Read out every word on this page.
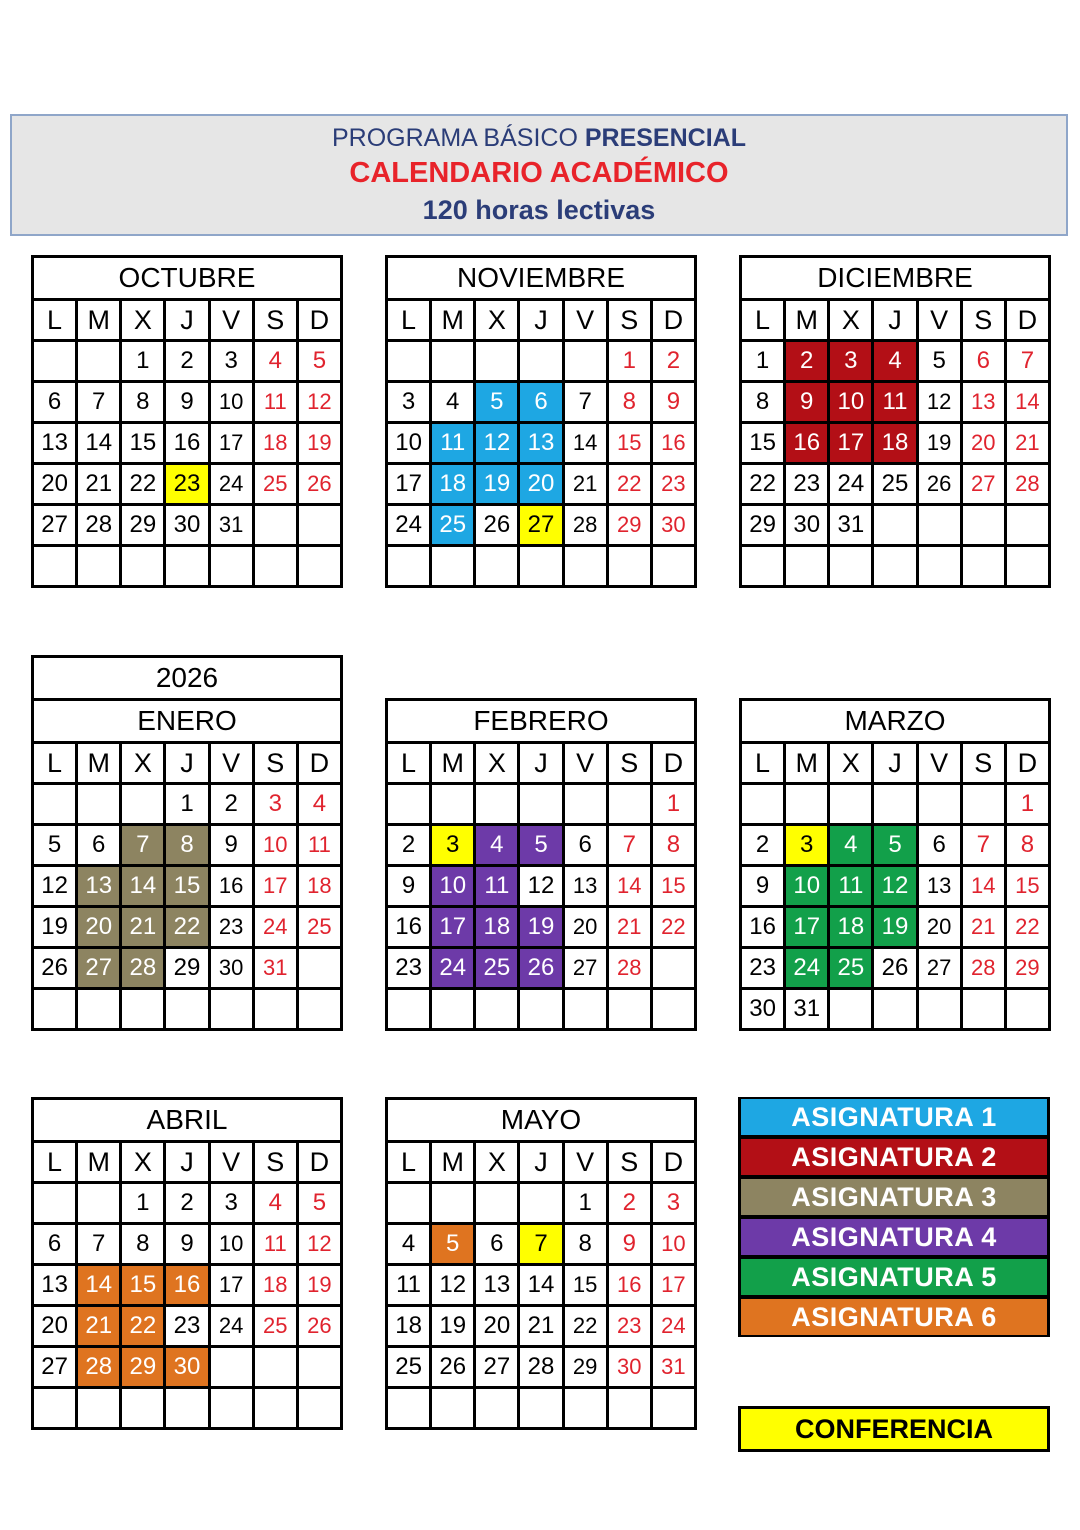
PROGRAMA BÁSICO PRESENCIAL
CALENDARIO ACADÉMICO
120 horas lectivas
OCTUBRE						
L	M	X	J	V	S	D
		1	2	3	4	5
6	7	8	9	10	11	12
13	14	15	16	17	18	19
20	21	22	23	24	25	26
27	28	29	30	31		

NOVIEMBRE						
L	M	X	J	V	S	D
					1	2
3	4	5	6	7	8	9
10	11	12	13	14	15	16
17	18	19	20	21	22	23
24	25	26	27	28	29	30

DICIEMBRE						
L	M	X	J	V	S	D
1	2	3	4	5	6	7
8	9	10	11	12	13	14
15	16	17	18	19	20	21
22	23	24	25	26	27	28
29	30	31				

2026						
ENERO						
L	M	X	J	V	S	D
			1	2	3	4
5	6	7	8	9	10	11
12	13	14	15	16	17	18
19	20	21	22	23	24	25
26	27	28	29	30	31	

FEBRERO						
L	M	X	J	V	S	D
						1
2	3	4	5	6	7	8
9	10	11	12	13	14	15
16	17	18	19	20	21	22
23	24	25	26	27	28	

MARZO						
L	M	X	J	V	S	D
						1
2	3	4	5	6	7	8
9	10	11	12	13	14	15
16	17	18	19	20	21	22
23	24	25	26	27	28	29
30	31					
ABRIL						
L	M	X	J	V	S	D
		1	2	3	4	5
6	7	8	9	10	11	12
13	14	15	16	17	18	19
20	21	22	23	24	25	26
27	28	29	30			

MAYO						
L	M	X	J	V	S	D
				1	2	3
4	5	6	7	8	9	10
11	12	13	14	15	16	17
18	19	20	21	22	23	24
25	26	27	28	29	30	31

ASIGNATURA 1
ASIGNATURA 2
ASIGNATURA 3
ASIGNATURA 4
ASIGNATURA 5
ASIGNATURA 6
CONFERENCIA
